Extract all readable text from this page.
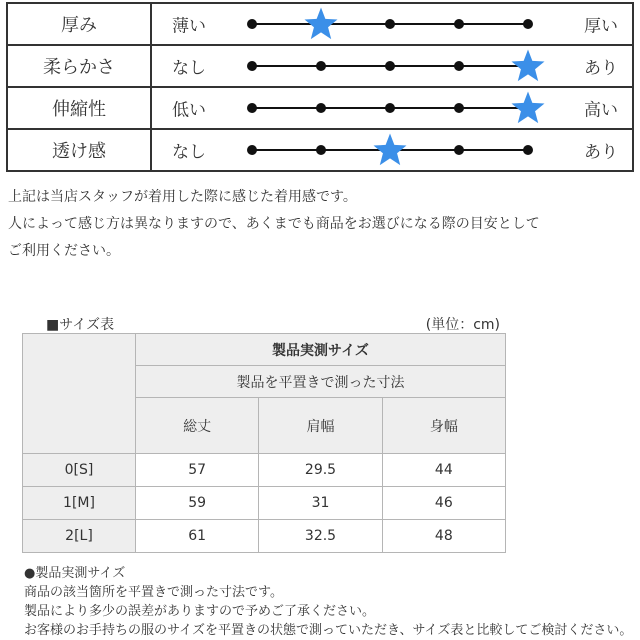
厚み	薄い 厚い

柔らかさ	なし あり

伸縮性	低い 高い

透け感	なし あり
上記は当店スタッフが着用した際に感じた着用感です。
人によって感じ方は異なりますので、あくまでも商品をお選びになる際の目安として
ご利用ください。
■サイズ表	(単位：cm)
	製品実測サイズ		
	製品を平置きで測った寸法		
	総丈	肩幅	身幅
0[S]	57	29.5	44
1[M]	59	31	46
2[L]	61	32.5	48
●製品実測サイズ
商品の該当箇所を平置きで測った寸法です。
製品により多少の誤差がありますので予めご了承ください。
お客様のお手持ちの服のサイズを平置きの状態で測っていただき、サイズ表と比較してご検討ください。
